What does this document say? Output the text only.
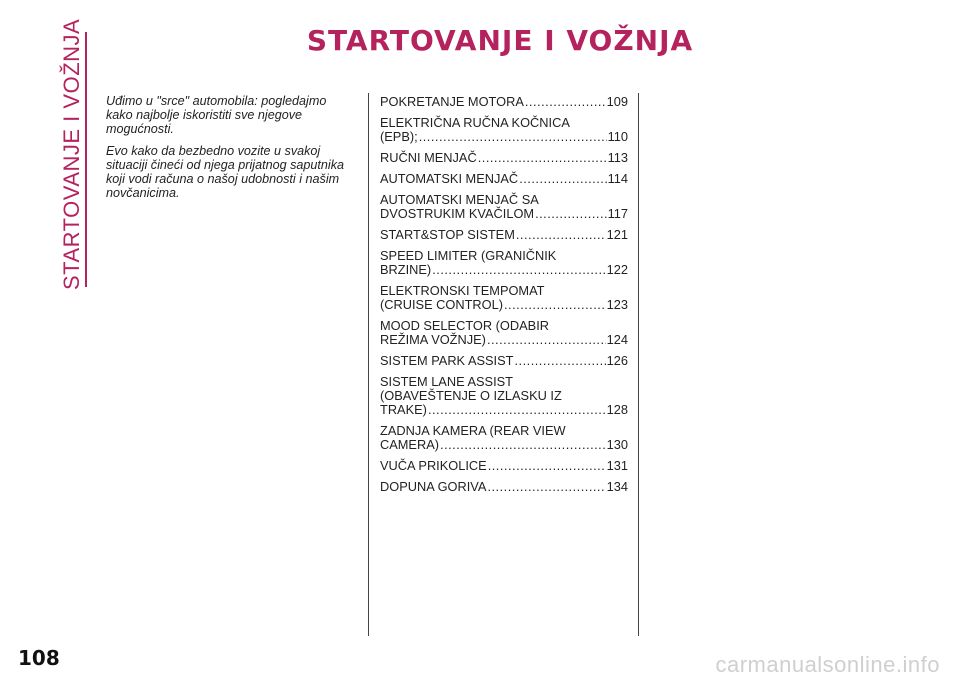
STARTOVANJE I VOŽNJA	STARTOVANJE I VOŽNJA

Uđimo u "srce" automobila: pogledajmo kako najbolje iskoristiti sve njegove mogućnosti.

Evo kako da bezbedno vozite u svakoj situaciji čineći od njega prijatnog saputnika koji vodi računa o našoj udobnosti i našim novčanicima.

POKRETANJE MOTORA .....	109
ELEKTRIČNA RUČNA KOČNICA
(EPB); .....	110
RUČNI MENJAČ .....	113
AUTOMATSKI MENJAČ .....	114
AUTOMATSKI MENJAČ SA
DVOSTRUKIM KVAČILOM .....	117
START&STOP SISTEM .....	121
SPEED LIMITER (GRANIČNIK
BRZINE) .....	122
ELEKTRONSKI TEMPOMAT
(CRUISE CONTROL) .....	123
MOOD SELECTOR (ODABIR
REŽIMA VOŽNJE) .....	124
SISTEM PARK ASSIST .....	126
SISTEM LANE ASSIST
(OBAVEŠTENJE O IZLASKU IZ
TRAKE) .....	128
ZADNJA KAMERA (REAR VIEW
CAMERA) .....	130
VUČA PRIKOLICE .....	131
DOPUNA GORIVA .....	134
108	carmanualsonline.info
